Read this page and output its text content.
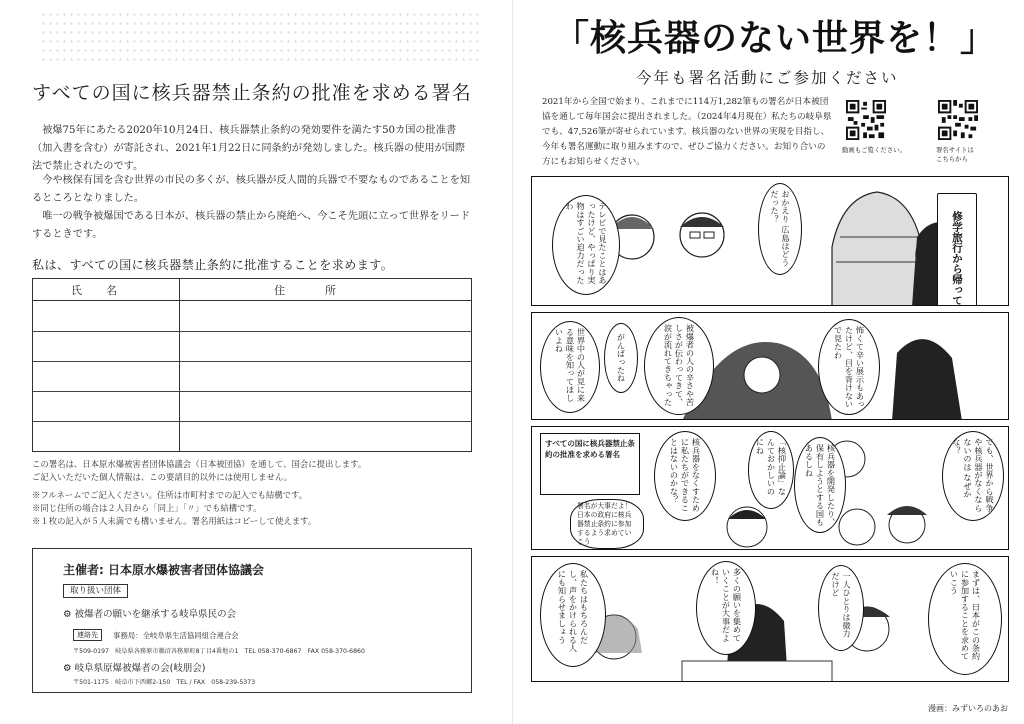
すべての国に核兵器禁止条約の批准を求める署名

被爆75年にあたる2020年10月24日、核兵器禁止条約の発効要件を満たす50カ国の批准書（加入書を含む）が寄託され、2021年1月22日に同条約が発効しました。核兵器の使用が国際法で禁止されたのです。

今や核保有国を含む世界の市民の多くが、核兵器が反人間的兵器で不要なものであることを知るところとなりました。

唯一の戦争被爆国である日本が、核兵器の禁止から廃絶へ、今こそ先頭に立って世界をリードするときです。

私は、すべての国に核兵器禁止条約に批准することを求めます。
氏名	住所
この署名は、日本原水爆被害者団体協議会（日本被団協）を通して、国会に提出します。
ご記入いただいた個人情報は、この要請目的以外には使用しません。
※フルネームでご記入ください。住所は市町村までの記入でも結構です。
※同じ住所の場合は２人目から「同上」「〃」でも結構です。
※１枚の記入が５人未満でも構いません。署名用紙はコピーして使えます。
主催者: 日本原水爆被害者団体協議会
取り扱い団体
⚙ 被爆者の願いを継承する岐阜県民の会
連絡先	事務局：全岐阜県生活協同組合連合会
〒509-0197　岐阜県各務原市鵜沼各務原町8丁目4番地の1　TEL 058-370-6867　FAX 058-370-6860
⚙ 岐阜県原爆被爆者の会(岐朋会)
〒501-1175　岐阜市下西郷2-150　TEL / FAX　058-239-5373
「核兵器のない世界を！」
今年も署名活動にご参加ください

2021年から全国で始まり、これまでに114万1,282筆もの署名が日本被団協を通して毎年国会に提出されました。（2024年4月現在）私たちの岐阜県でも、47,526筆が寄せられています。核兵器のない世界の実現を目指し、今年も署名運動に取り組みますので、ぜひご協力ください。お知り合いの方にもお知らせください。

動画もご覧ください。	署名サイトは こちらから
おかえり 広島はどうだった？
テレビで見たことはあったけど、やっぱり実物はすごい迫力だったわ
修学旅行から帰って
怖くて辛い展示もあったけど、目を背けないで見たわ
被爆者の人の辛さや苦しさが伝わってきて、涙が流れてきちゃった
がんばったね
世界中の人が見に来る意味を知ってほしいよね
すべての国に核兵器禁止条約の批准を求める署名	でも、世界から戦争や核兵器がなくならないのは なぜかな？
核兵器を開発したり、保有しようとする国もあるしね
「核抑止論」なんておかしいのにね
核兵器をなくすために私たちができることはないのかな？
署名が大事だよ！日本の政府に核兵器禁止条約に参加するよう求めていこう
まずは、日本がこの条約に参加することを求めていこう
一人ひとりは微力だけど
多くの願いを集めていくことが大事だよね！
私たちはもちろんだし、声をかけられる人にも知らせましょう
漫画：みずいろのあお
